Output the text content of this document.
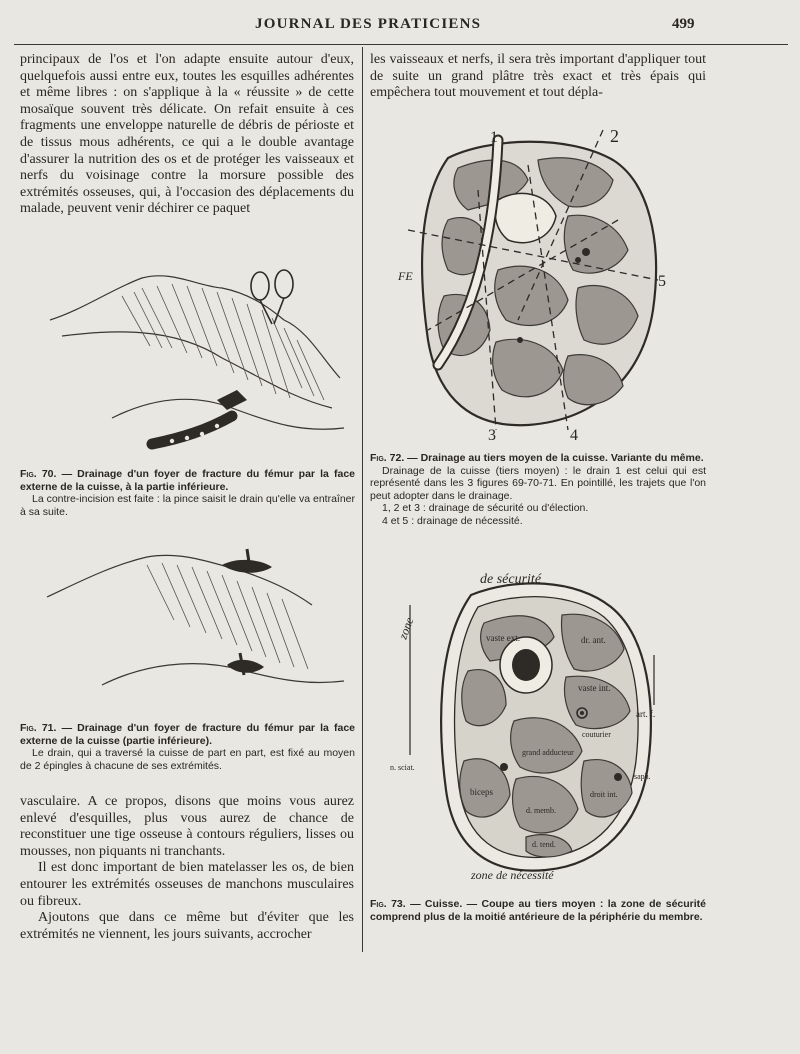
JOURNAL DES PRATICIENS	499

principaux de l'os et l'on adapte ensuite autour d'eux, quelquefois aussi entre eux, toutes les esquilles adhérentes et même libres : on s'applique à la « réussite » de cette mosaïque souvent très délicate. On refait ensuite à ces fragments une enveloppe naturelle de débris de périoste et de tissus mous adhérents, ce qui a le double avantage d'assurer la nutrition des os et de protéger les vaisseaux et nerfs du voisinage contre la morsure possible des extrémités osseuses, qui, à l'occasion des déplacements du malade, peuvent venir déchirer ce paquet

Fig. 70. — Drainage d'un foyer de fracture du fémur par la face externe de la cuisse, à la partie inférieure.

La contre-incision est faite : la pince saisit le drain qu'elle va entraîner à sa suite.

Fig. 71. — Drainage d'un foyer de fracture du fémur par la face externe de la cuisse (partie inférieure).

Le drain, qui a traversé la cuisse de part en part, est fixé au moyen de 2 épingles à chacune de ses extrémités.

vasculaire. A ce propos, disons que moins vous aurez enlevé d'esquilles, plus vous aurez de chance de reconstituer une tige osseuse à contours réguliers, lisses ou mousses, non piquants ni tranchants.

Il est donc important de bien matelasser les os, de bien entourer les extrémités osseuses de manchons musculaires ou fibreux.

Ajoutons que dans ce même but d'éviter que les extrémités ne viennent, les jours suivants, accrocher

les vaisseaux et nerfs, il sera très important d'appliquer tout de suite un grand plâtre très exact et très épais qui empêchera tout mouvement et tout dépla-

1	2
3	4
5
FE

Fig. 72. — Drainage au tiers moyen de la cuisse. Variante du même.

Drainage de la cuisse (tiers moyen) : le drain 1 est celui qui est représenté dans les 3 figures 69-70-71. En pointillé, les trajets que l'on peut adopter dans le drainage.

1, 2 et 3 : drainage de sécurité ou d'élection.

4 et 5 : drainage de nécessité.

de sécurité
zone
zone de nécessité
vaste ext.	dr. ant.
vaste int.
art. f.
couturier
grand adducteur
biceps
d. memb.
droit int.
d. tend.
saph.
n. sciat.

Fig. 73. — Cuisse. — Coupe au tiers moyen : la zone de sécurité comprend plus de la moitié antérieure de la périphérie du membre.
